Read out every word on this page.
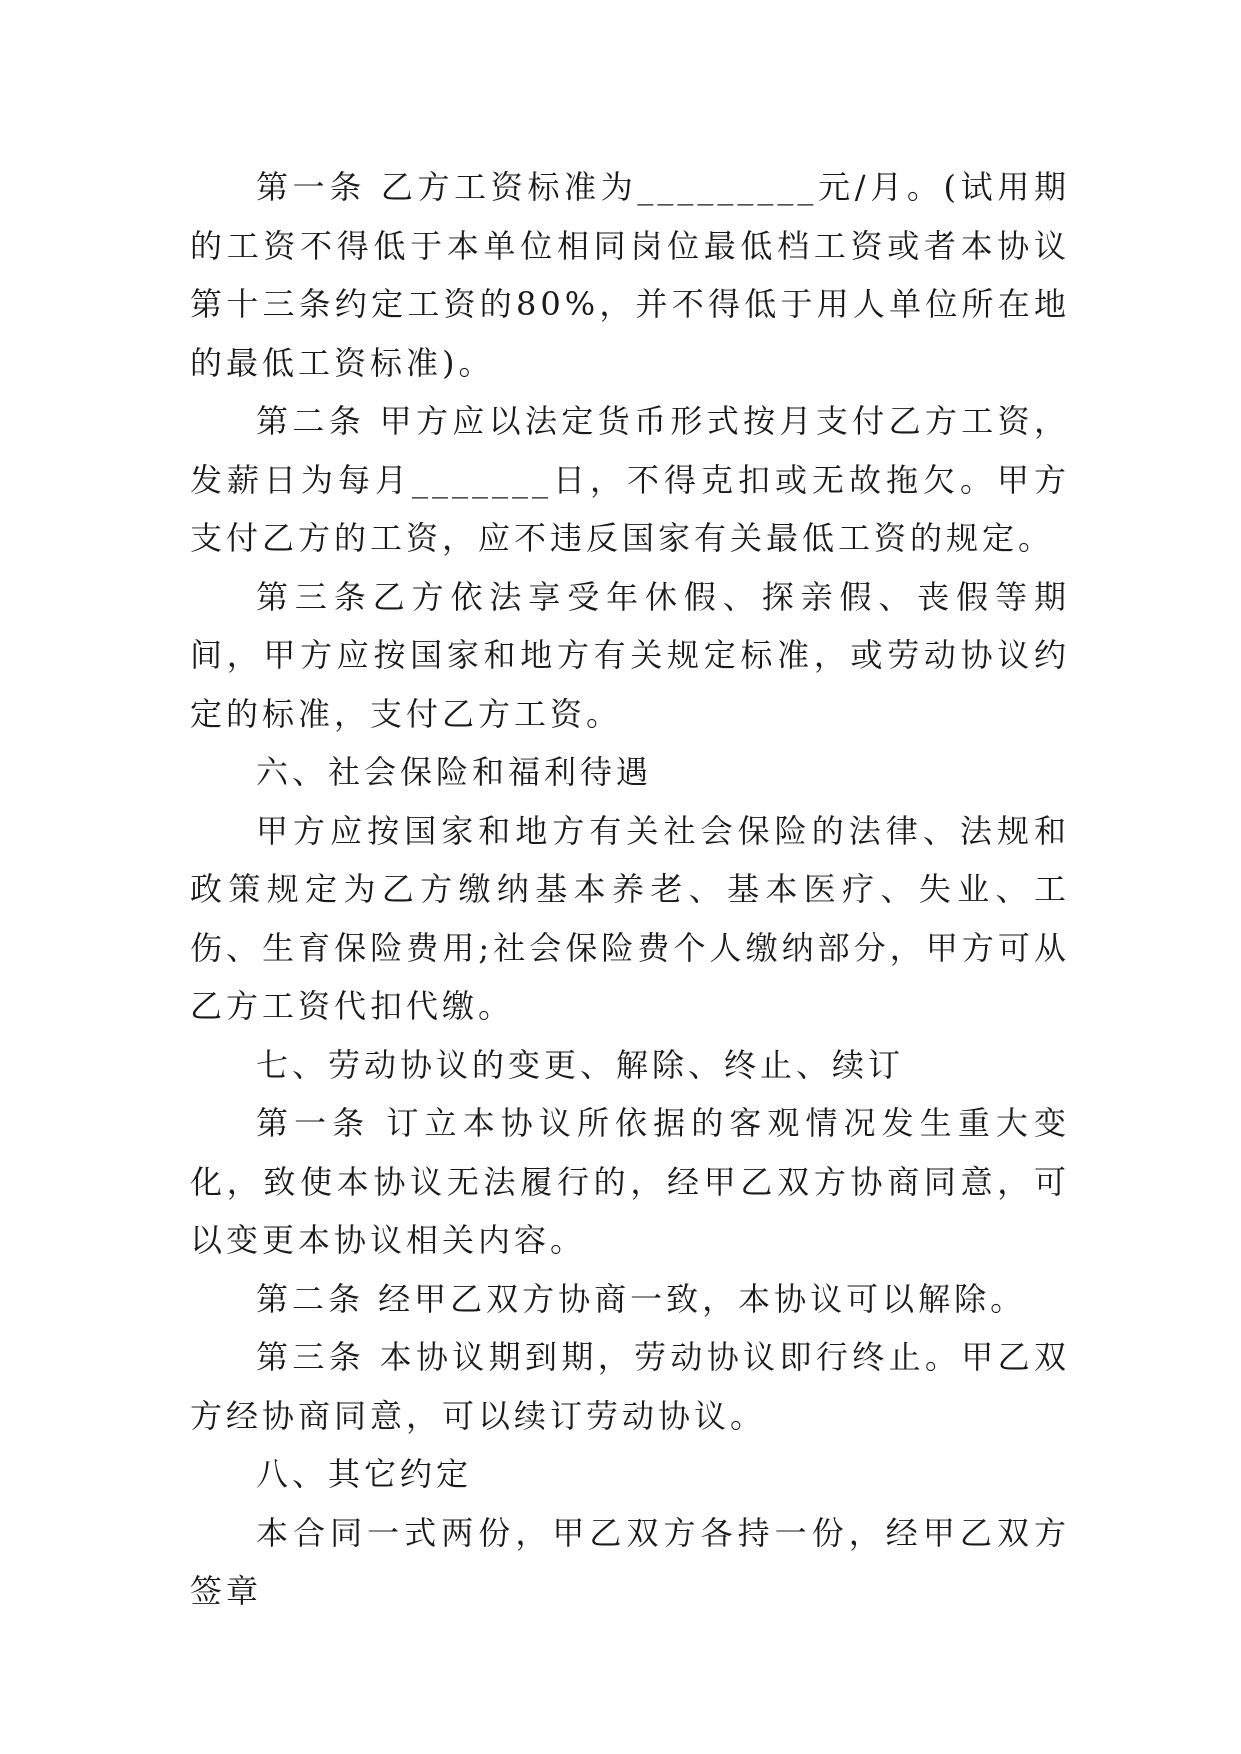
第一条 乙方工资标准为_________元/月。(试用期的工资不得低于本单位相同岗位最低档工资或者本协议第十三条约定工资的80%，并不得低于用人单位所在地的最低工资标准)。

第二条 甲方应以法定货币形式按月支付乙方工资，发薪日为每月_______日，不得克扣或无故拖欠。甲方支付乙方的工资，应不违反国家有关最低工资的规定。

第三条乙方依法享受年休假、探亲假、丧假等期间，甲方应按国家和地方有关规定标准，或劳动协议约定的标准，支付乙方工资。

六、社会保险和福利待遇

甲方应按国家和地方有关社会保险的法律、法规和政策规定为乙方缴纳基本养老、基本医疗、失业、工伤、生育保险费用;社会保险费个人缴纳部分，甲方可从乙方工资代扣代缴。

七、劳动协议的变更、解除、终止、续订

第一条 订立本协议所依据的客观情况发生重大变化，致使本协议无法履行的，经甲乙双方协商同意，可以变更本协议相关内容。

第二条 经甲乙双方协商一致，本协议可以解除。

第三条 本协议期到期，劳动协议即行终止。甲乙双方经协商同意，可以续订劳动协议。

八、其它约定

本合同一式两份，甲乙双方各持一份，经甲乙双方签章
